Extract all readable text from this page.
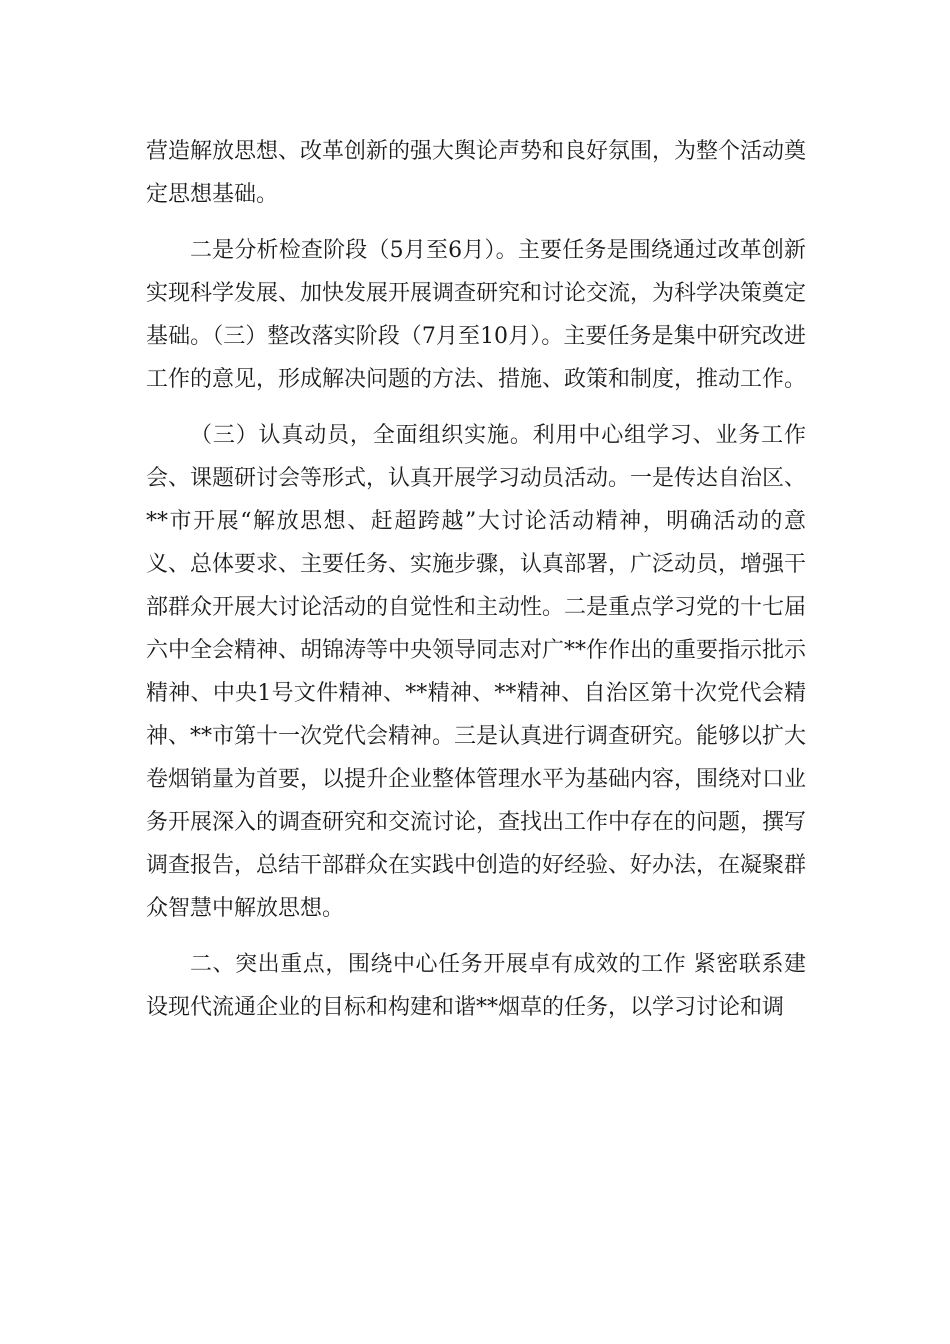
营造解放思想、改革创新的强大舆论声势和良好氛围，为整个活动奠定思想基础。

二是分析检查阶段（5月至6月）。主要任务是围绕通过改革创新实现科学发展、加快发展开展调查研究和讨论交流，为科学决策奠定基础。（三）整改落实阶段（7月至10月）。主要任务是集中研究改进工作的意见，形成解决问题的方法、措施、政策和制度，推动工作。

（三）认真动员，全面组织实施。利用中心组学习、业务工作会、课题研讨会等形式，认真开展学习动员活动。一是传达自治区、**市开展“解放思想、赶超跨越”大讨论活动精神，明确活动的意义、总体要求、主要任务、实施步骤，认真部署，广泛动员，增强干部群众开展大讨论活动的自觉性和主动性。二是重点学习党的十七届六中全会精神、胡锦涛等中央领导同志对广**作作出的重要指示批示精神、中央1号文件精神、**精神、**精神、自治区第十次党代会精神、**市第十一次党代会精神。三是认真进行调查研究。能够以扩大卷烟销量为首要，以提升企业整体管理水平为基础内容，围绕对口业务开展深入的调查研究和交流讨论，查找出工作中存在的问题，撰写调查报告，总结干部群众在实践中创造的好经验、好办法，在凝聚群众智慧中解放思想。

二、突出重点，围绕中心任务开展卓有成效的工作 紧密联系建设现代流通企业的目标和构建和谐**烟草的任务，以学习讨论和调
